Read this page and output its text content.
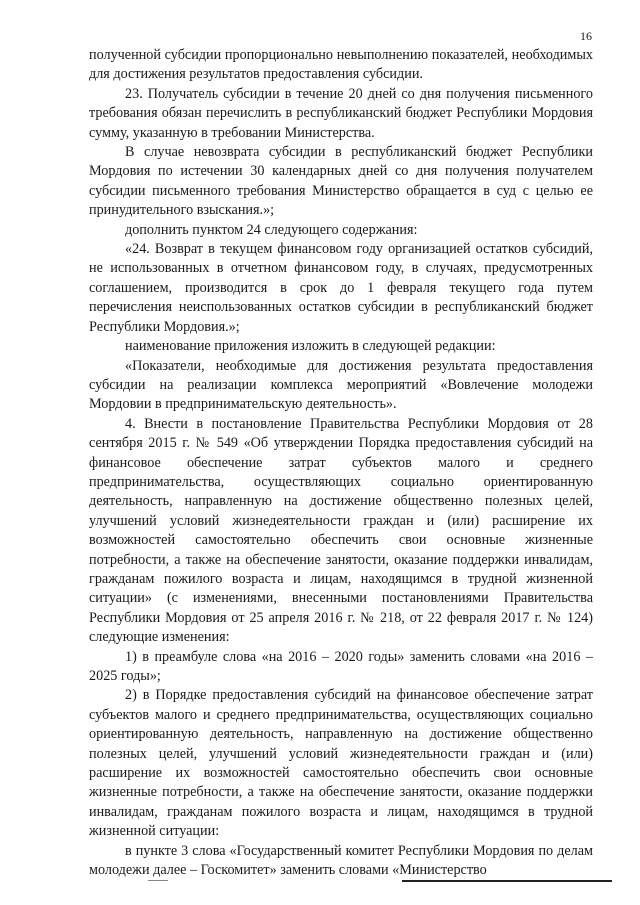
16

полученной субсидии пропорционально невыполнению показателей, необходимых для достижения результатов предоставления субсидии.

23. Получатель субсидии в течение 20 дней со дня получения письменного требования обязан перечислить в республиканский бюджет Республики Мордовия сумму, указанную в требовании Министерства.

В случае невозврата субсидии в республиканский бюджет Республики Мордовия по истечении 30 календарных дней со дня получения получателем субсидии письменного требования Министерство обращается в суд с целью ее принудительного взыскания.»;

дополнить пунктом 24 следующего содержания:

«24. Возврат в текущем финансовом году организацией остатков субсидий, не использованных в отчетном финансовом году, в случаях, предусмотренных соглашением, производится в срок до 1 февраля текущего года путем перечисления неиспользованных остатков субсидии в республиканский бюджет Республики Мордовия.»;

наименование приложения изложить в следующей редакции:

«Показатели, необходимые для достижения результата предоставления субсидии на реализации комплекса мероприятий «Вовлечение молодежи Мордовии в предпринимательскую деятельность».

4. Внести в постановление Правительства Республики Мордовия от 28 сентября 2015 г. № 549 «Об утверждении Порядка предоставления субсидий на финансовое обеспечение затрат субъектов малого и среднего предпринимательства, осуществляющих социально ориентированную деятельность, направленную на достижение общественно полезных целей, улучшений условий жизнедеятельности граждан и (или) расширение их возможностей самостоятельно обеспечить свои основные жизненные потребности, а также на обеспечение занятости, оказание поддержки инвалидам, гражданам пожилого возраста и лицам, находящимся в трудной жизненной ситуации» (с изменениями, внесенными постановлениями Правительства Республики Мордовия от 25 апреля 2016 г. № 218, от 22 февраля 2017 г. № 124) следующие изменения:

1) в преамбуле слова «на 2016 – 2020 годы» заменить словами «на 2016 – 2025 годы»;

2) в Порядке предоставления субсидий на финансовое обеспечение затрат субъектов малого и среднего предпринимательства, осуществляющих социально ориентированную деятельность, направленную на достижение общественно полезных целей, улучшений условий жизнедеятельности граждан и (или) расширение их возможностей самостоятельно обеспечить свои основные жизненные потребности, а также на обеспечение занятости, оказание поддержки инвалидам, гражданам пожилого возраста и лицам, находящимся в трудной жизненной ситуации:

в пункте 3 слова «Государственный комитет Республики Мордовия по делам молодежи далее – Госкомитет» заменить словами «Министерство
